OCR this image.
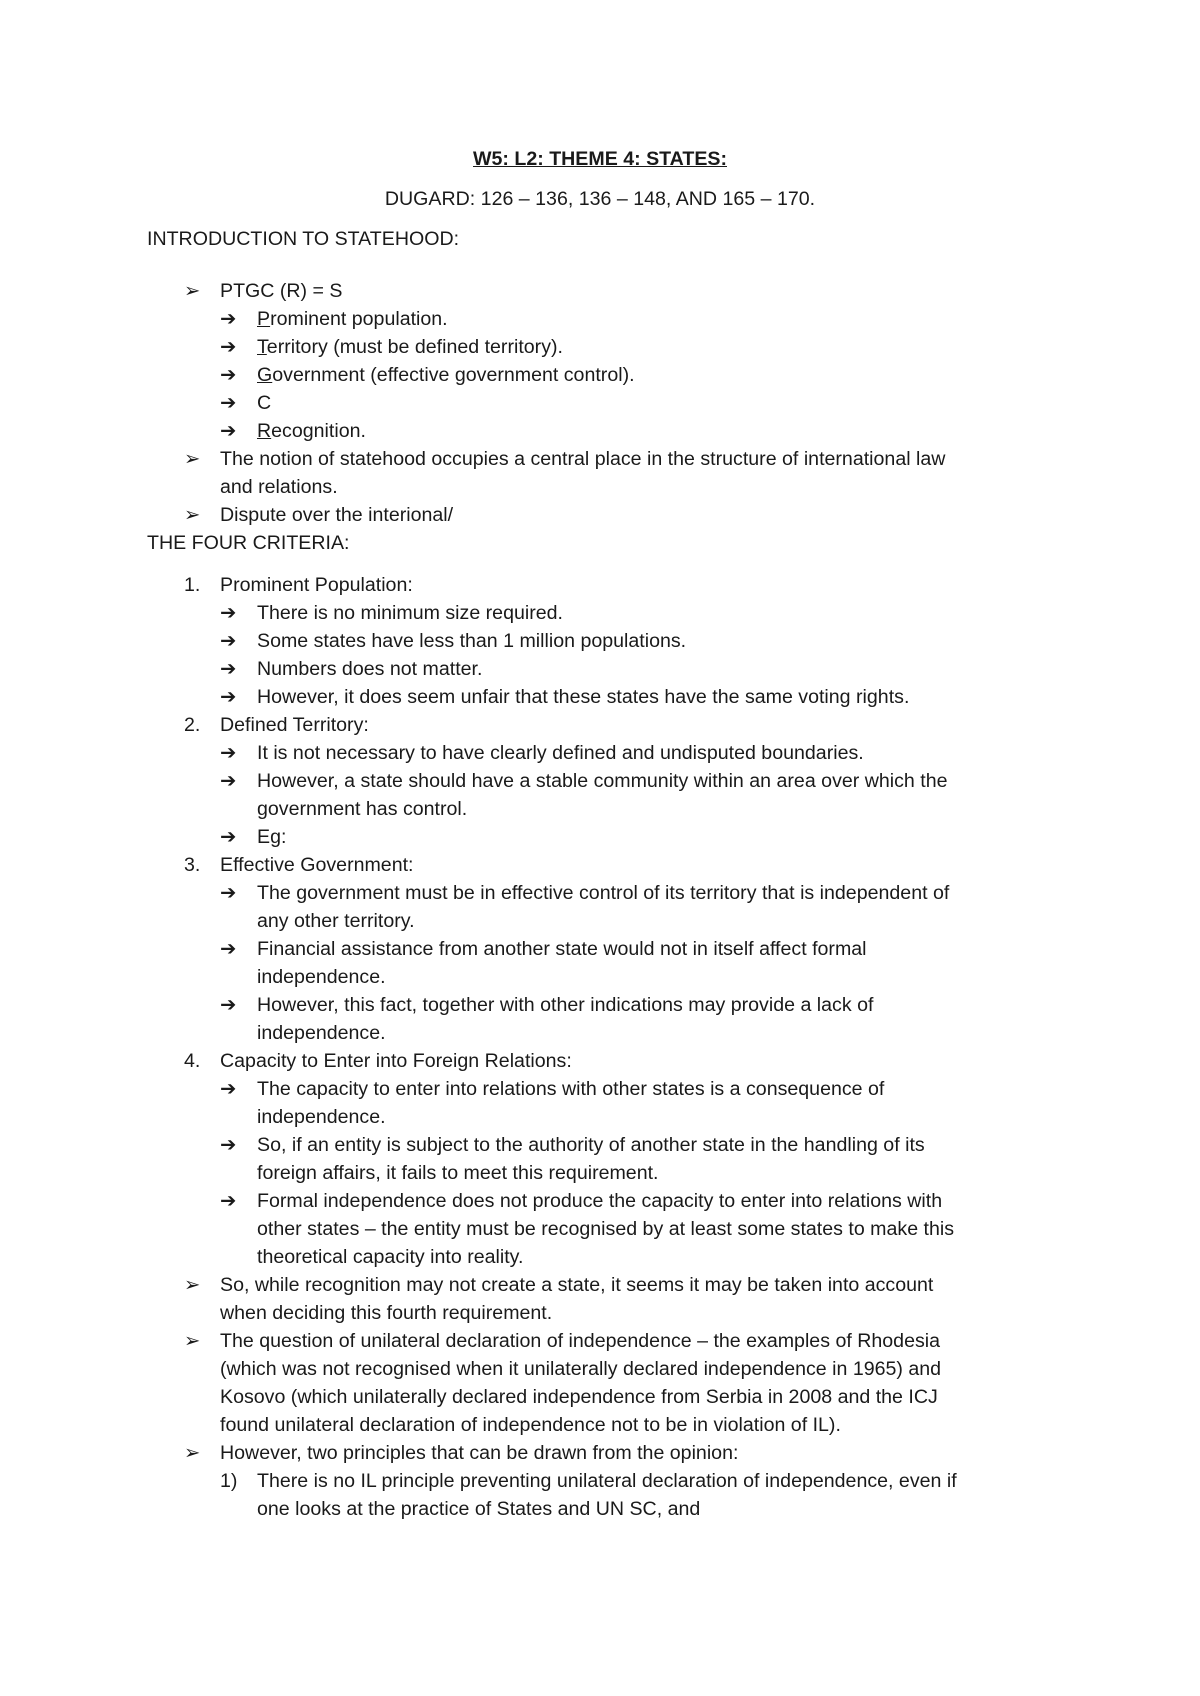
W5: L2: THEME 4: STATES:
DUGARD: 126 – 136, 136 – 148, AND 165 – 170.
INTRODUCTION TO STATEHOOD:
➢ PTGC (R) = S
➔ Prominent population.
➔ Territory (must be defined territory).
➔ Government (effective government control).
➔ C
➔ Recognition.
➢ The notion of statehood occupies a central place in the structure of international law
and relations.
➢ Dispute over the interional/
THE FOUR CRITERIA:
1. Prominent Population:
➔ There is no minimum size required.
➔ Some states have less than 1 million populations.
➔ Numbers does not matter.
➔ However, it does seem unfair that these states have the same voting rights.
2. Defined Territory:
➔ It is not necessary to have clearly defined and undisputed boundaries.
➔ However, a state should have a stable community within an area over which the
government has control.
➔ Eg:
3. Effective Government:
➔ The government must be in effective control of its territory that is independent of
any other territory.
➔ Financial assistance from another state would not in itself affect formal
independence.
➔ However, this fact, together with other indications may provide a lack of
independence.
4. Capacity to Enter into Foreign Relations:
➔ The capacity to enter into relations with other states is a consequence of
independence.
➔ So, if an entity is subject to the authority of another state in the handling of its
foreign affairs, it fails to meet this requirement.
➔ Formal independence does not produce the capacity to enter into relations with
other states – the entity must be recognised by at least some states to make this
theoretical capacity into reality.
➢ So, while recognition may not create a state, it seems it may be taken into account
when deciding this fourth requirement.
➢ The question of unilateral declaration of independence – the examples of Rhodesia
(which was not recognised when it unilaterally declared independence in 1965) and
Kosovo (which unilaterally declared independence from Serbia in 2008 and the ICJ
found unilateral declaration of independence not to be in violation of IL).
➢ However, two principles that can be drawn from the opinion:
1) There is no IL principle preventing unilateral declaration of independence, even if
one looks at the practice of States and UN SC, and
